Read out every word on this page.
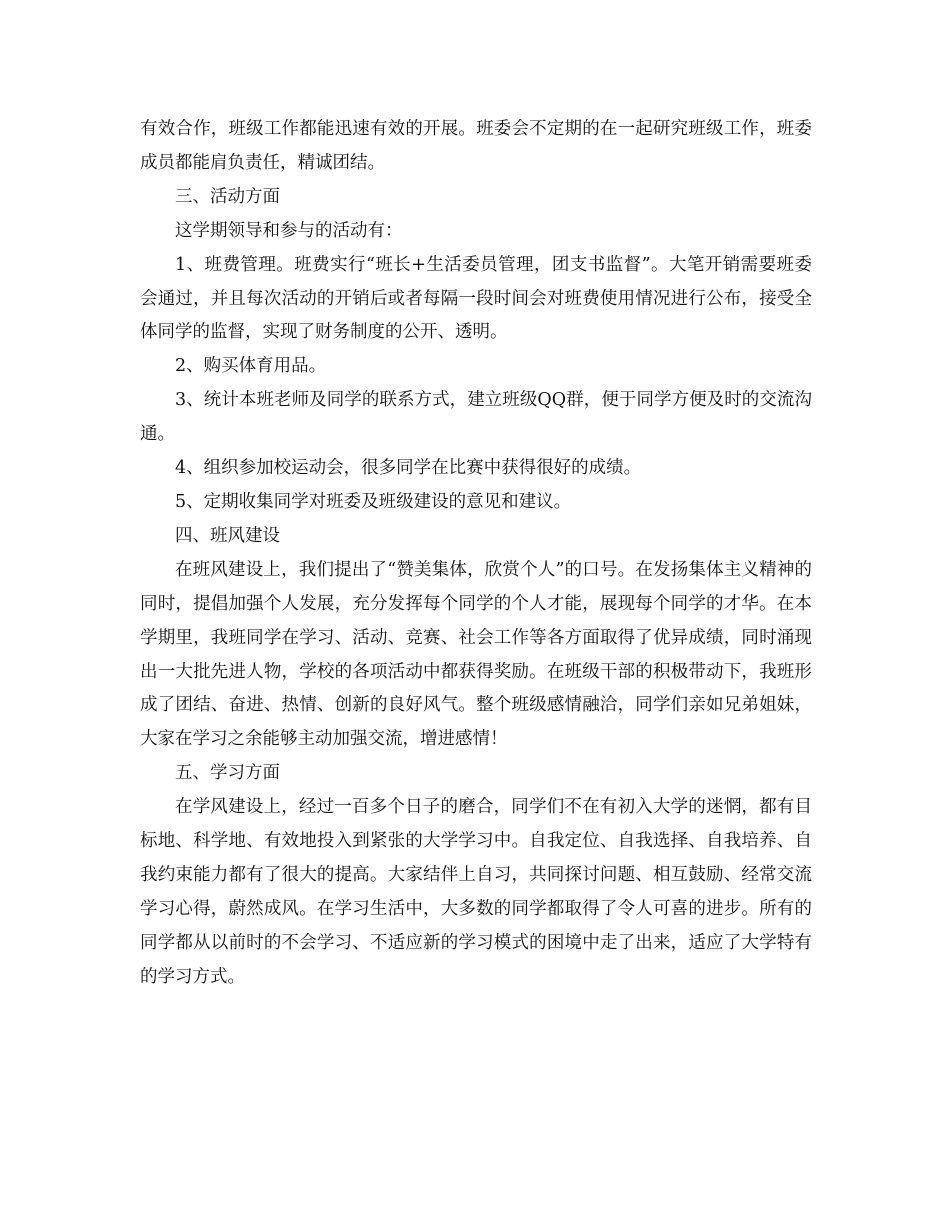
有效合作，班级工作都能迅速有效的开展。班委会不定期的在一起研究班级工作，班委成员都能肩负责任，精诚团结。

三、活动方面

这学期领导和参与的活动有：

1、班费管理。班费实行“班长+生活委员管理，团支书监督”。大笔开销需要班委会通过，并且每次活动的开销后或者每隔一段时间会对班费使用情况进行公布，接受全体同学的监督，实现了财务制度的公开、透明。

2、购买体育用品。

3、统计本班老师及同学的联系方式，建立班级QQ群，便于同学方便及时的交流沟通。

4、组织参加校运动会，很多同学在比赛中获得很好的成绩。

5、定期收集同学对班委及班级建设的意见和建议。

四、班风建设

在班风建设上，我们提出了“赞美集体，欣赏个人”的口号。在发扬集体主义精神的同时，提倡加强个人发展，充分发挥每个同学的个人才能，展现每个同学的才华。在本学期里，我班同学在学习、活动、竞赛、社会工作等各方面取得了优异成绩，同时涌现出一大批先进人物，学校的各项活动中都获得奖励。在班级干部的积极带动下，我班形成了团结、奋进、热情、创新的良好风气。整个班级感情融洽，同学们亲如兄弟姐妹，大家在学习之余能够主动加强交流，增进感情！

五、学习方面

在学风建设上，经过一百多个日子的磨合，同学们不在有初入大学的迷惘，都有目标地、科学地、有效地投入到紧张的大学学习中。自我定位、自我选择、自我培养、自我约束能力都有了很大的提高。大家结伴上自习，共同探讨问题、相互鼓励、经常交流学习心得，蔚然成风。在学习生活中，大多数的同学都取得了令人可喜的进步。所有的同学都从以前时的不会学习、不适应新的学习模式的困境中走了出来，适应了大学特有的学习方式。
